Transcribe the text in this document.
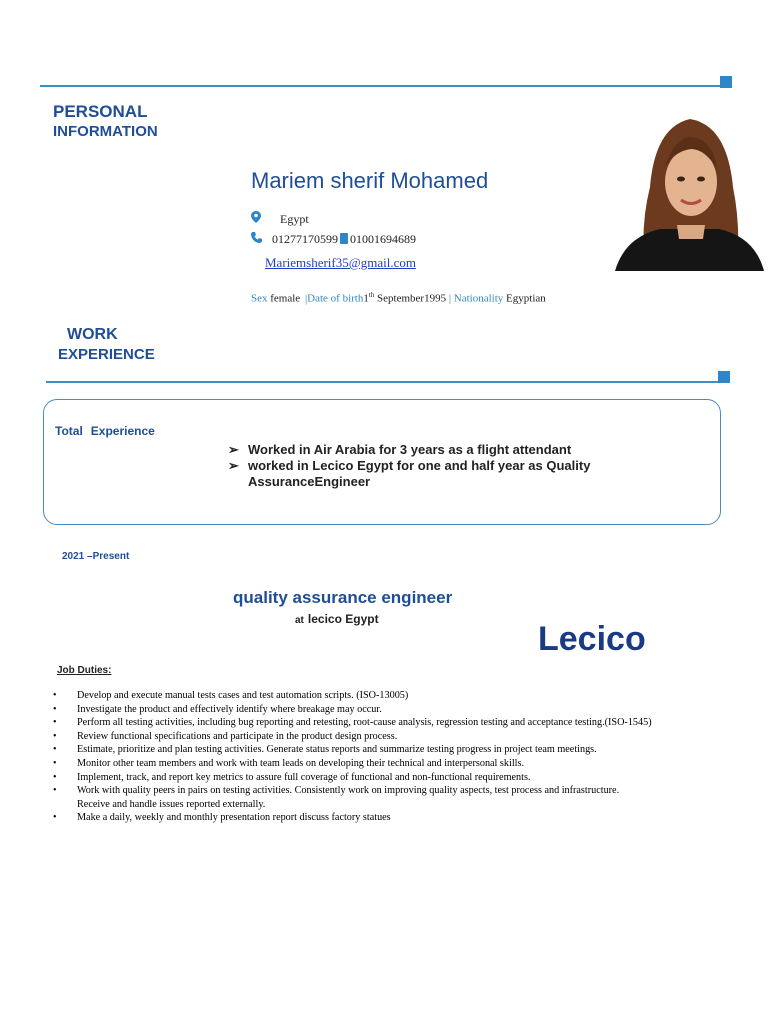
PERSONAL
INFORMATION
Mariem sherif Mohamed
Egypt
01277170599 01001694689
Mariemsherif35@gmail.com
Sex female |Date of birth1th September1995 | Nationality Egyptian
WORK
EXPERIENCE
Total Experience
➢ Worked in Air Arabia for 3 years as a flight attendant
➢ worked in Lecico Egypt for one and half year as Quality
AssuranceEngineer
2021 –Present
quality assurance engineer
at lecico Egypt
Lecico
Job Duties:
• Develop and execute manual tests cases and test automation scripts. (ISO-13005)
• Investigate the product and effectively identify where breakage may occur.
• Perform all testing activities, including bug reporting and retesting, root-cause analysis, regression testing and acceptance testing.(ISO-1545)
• Review functional specifications and participate in the product design process.
• Estimate, prioritize and plan testing activities. Generate status reports and summarize testing progress in project team meetings.
• Monitor other team members and work with team leads on developing their technical and interpersonal skills.
• Implement, track, and report key metrics to assure full coverage of functional and non-functional requirements.
• Work with quality peers in pairs on testing activities. Consistently work on improving quality aspects, test process and infrastructure. Receive and handle issues reported externally.
• Make a daily, weekly and monthly presentation report discuss factory statues
